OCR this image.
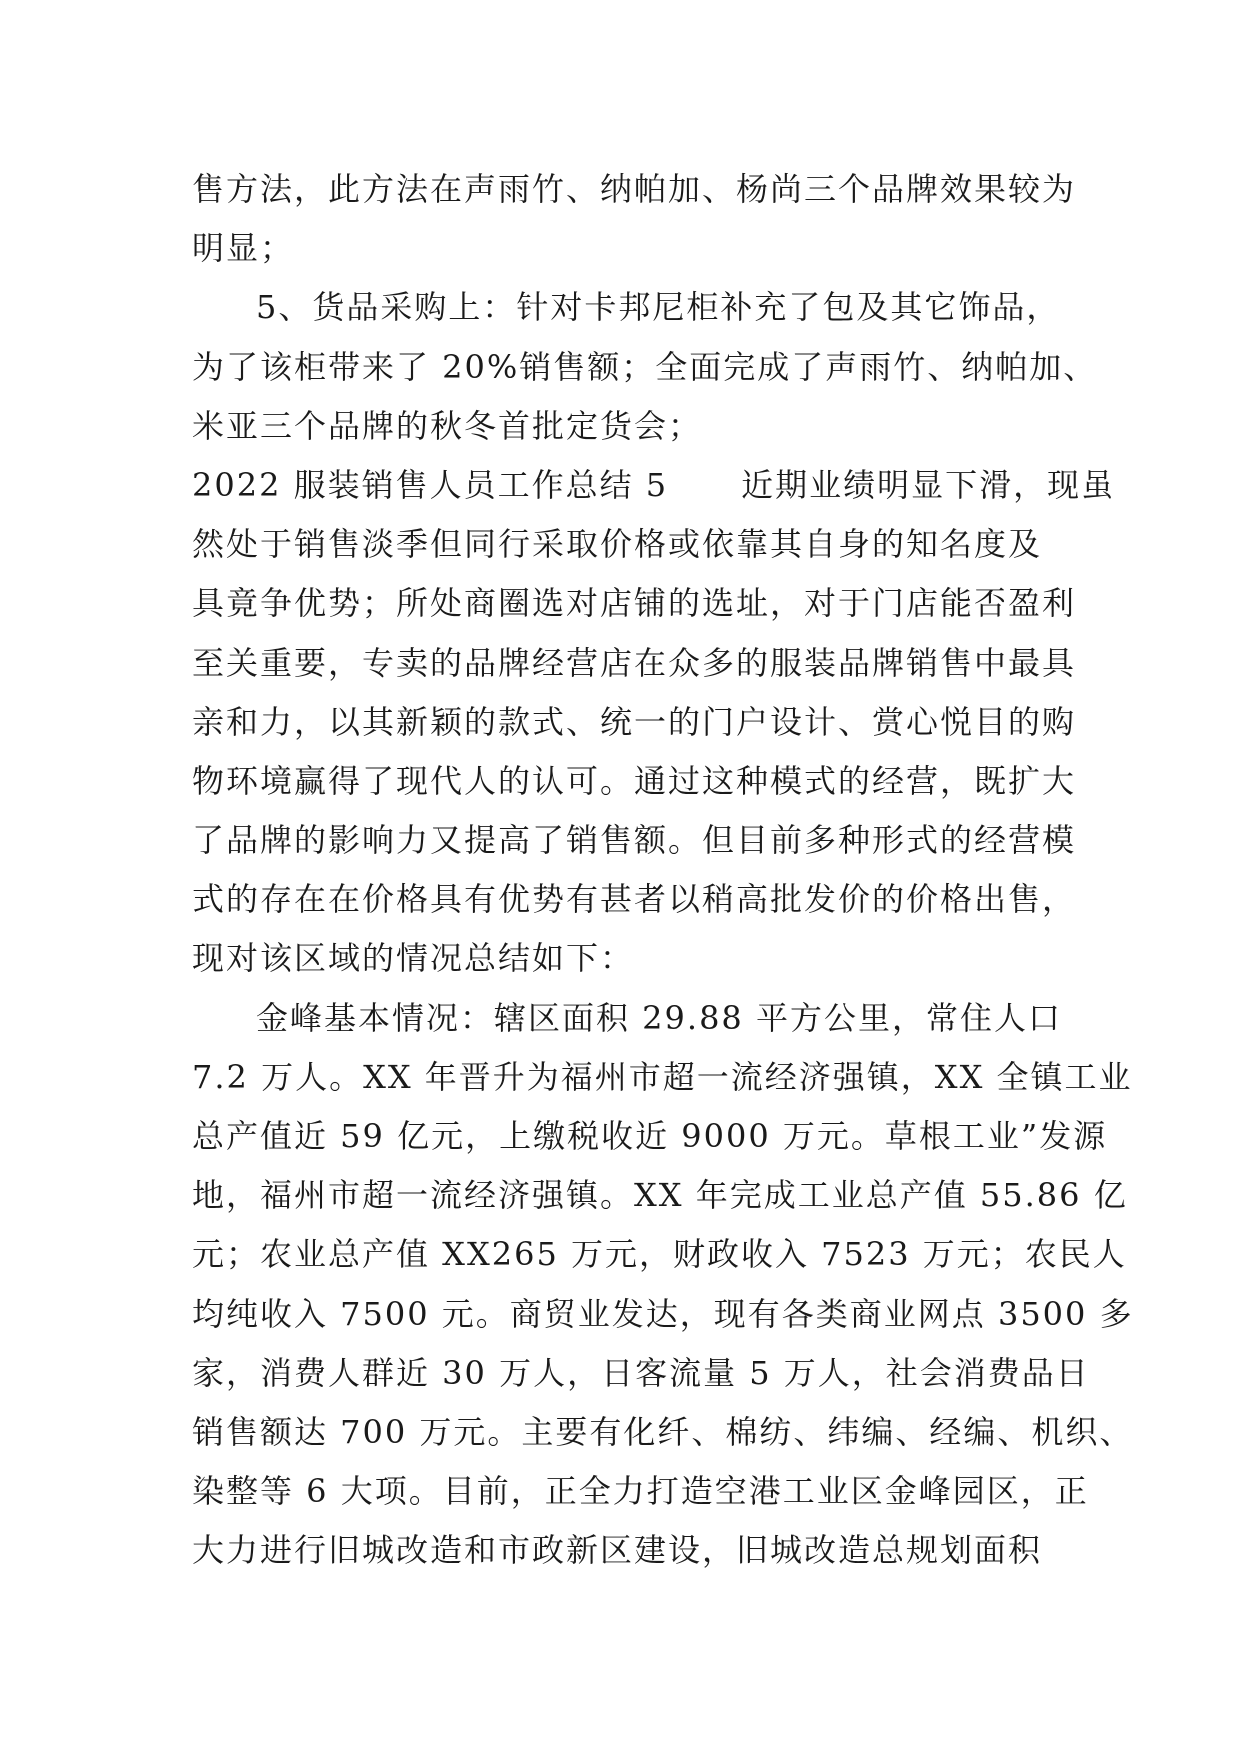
售方法，此方法在声雨竹、纳帕加、杨尚三个品牌效果较为
明显；
5、货品采购上：针对卡邦尼柜补充了包及其它饰品，
为了该柜带来了 20%销售额；全面完成了声雨竹、纳帕加、
米亚三个品牌的秋冬首批定货会；
2022 服装销售人员工作总结 5      近期业绩明显下滑，现虽
然处于销售淡季但同行采取价格或依靠其自身的知名度及
具竟争优势；所处商圈选对店铺的选址，对于门店能否盈利
至关重要，专卖的品牌经营店在众多的服装品牌销售中最具
亲和力，以其新颖的款式、统一的门户设计、赏心悦目的购
物环境赢得了现代人的认可。通过这种模式的经营，既扩大
了品牌的影响力又提高了销售额。但目前多种形式的经营模
式的存在在价格具有优势有甚者以稍高批发价的价格出售，
现对该区域的情况总结如下：
金峰基本情况：辖区面积 29.88 平方公里，常住人口
7.2 万人。XX 年晋升为福州市超一流经济强镇，XX 全镇工业
总产值近 59 亿元，上缴税收近 9000 万元。草根工业”发源
地，福州市超一流经济强镇。XX 年完成工业总产值 55.86 亿
元；农业总产值 XX265 万元，财政收入 7523 万元；农民人
均纯收入 7500 元。商贸业发达，现有各类商业网点 3500 多
家，消费人群近 30 万人，日客流量 5 万人，社会消费品日
销售额达 700 万元。主要有化纤、棉纺、纬编、经编、机织、
染整等 6 大项。目前，正全力打造空港工业区金峰园区，正
大力进行旧城改造和市政新区建设，旧城改造总规划面积
